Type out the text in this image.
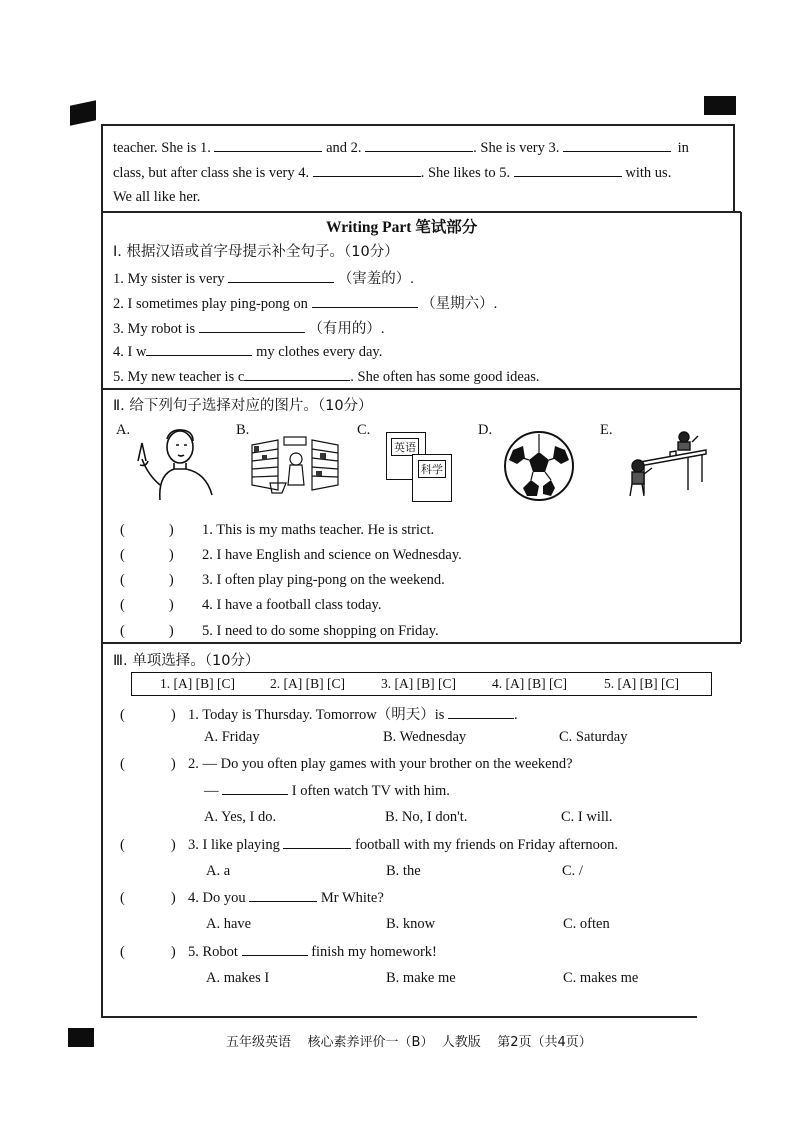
teacher. She is 1.	and 2.	. She is very 3.	in
class, but after class she is very 4.	. She likes to 5.	with us.
We all like her.
Writing Part 笔试部分
Ⅰ. 根据汉语或首字母提示补全句子。（10分）
1. My sister is very	（害羞的）.
2. I sometimes play ping-pong on	（星期六）.
3. My robot is	（有用的）.
4. I w	my clothes every day.
5. My new teacher is c	. She often has some good ideas.
Ⅱ. 给下列句子选择对应的图片。（10分）
A.	B.	C.	D.	E.
英语
科学
(	) 1. This is my maths teacher. He is strict.
(	) 2. I have English and science on Wednesday.
(	) 3. I often play ping-pong on the weekend.
(	) 4. I have a football class today.
(	) 5. I need to do some shopping on Friday.
Ⅲ. 单项选择。（10分）
1. [A] [B] [C]	2. [A] [B] [C]	3. [A] [B] [C]	4. [A] [B] [C]	5. [A] [B] [C]
(	) 1. Today is Thursday. Tomorrow（明天）is	.
A. Friday	B. Wednesday	C. Saturday
(	) 2. — Do you often play games with your brother on the weekend?
—	I often watch TV with him.
A. Yes, I do.	B. No, I don't.	C. I will.
(	) 3. I like playing	football with my friends on Friday afternoon.
A. a	B. the	C. /
(	) 4. Do you	Mr White?
A. have	B. know	C. often
(	) 5. Robot	finish my homework!
A. makes I	B. make me	C. makes me
五年级英语    核心素养评价一（B）  人教版    第2页（共4页）
